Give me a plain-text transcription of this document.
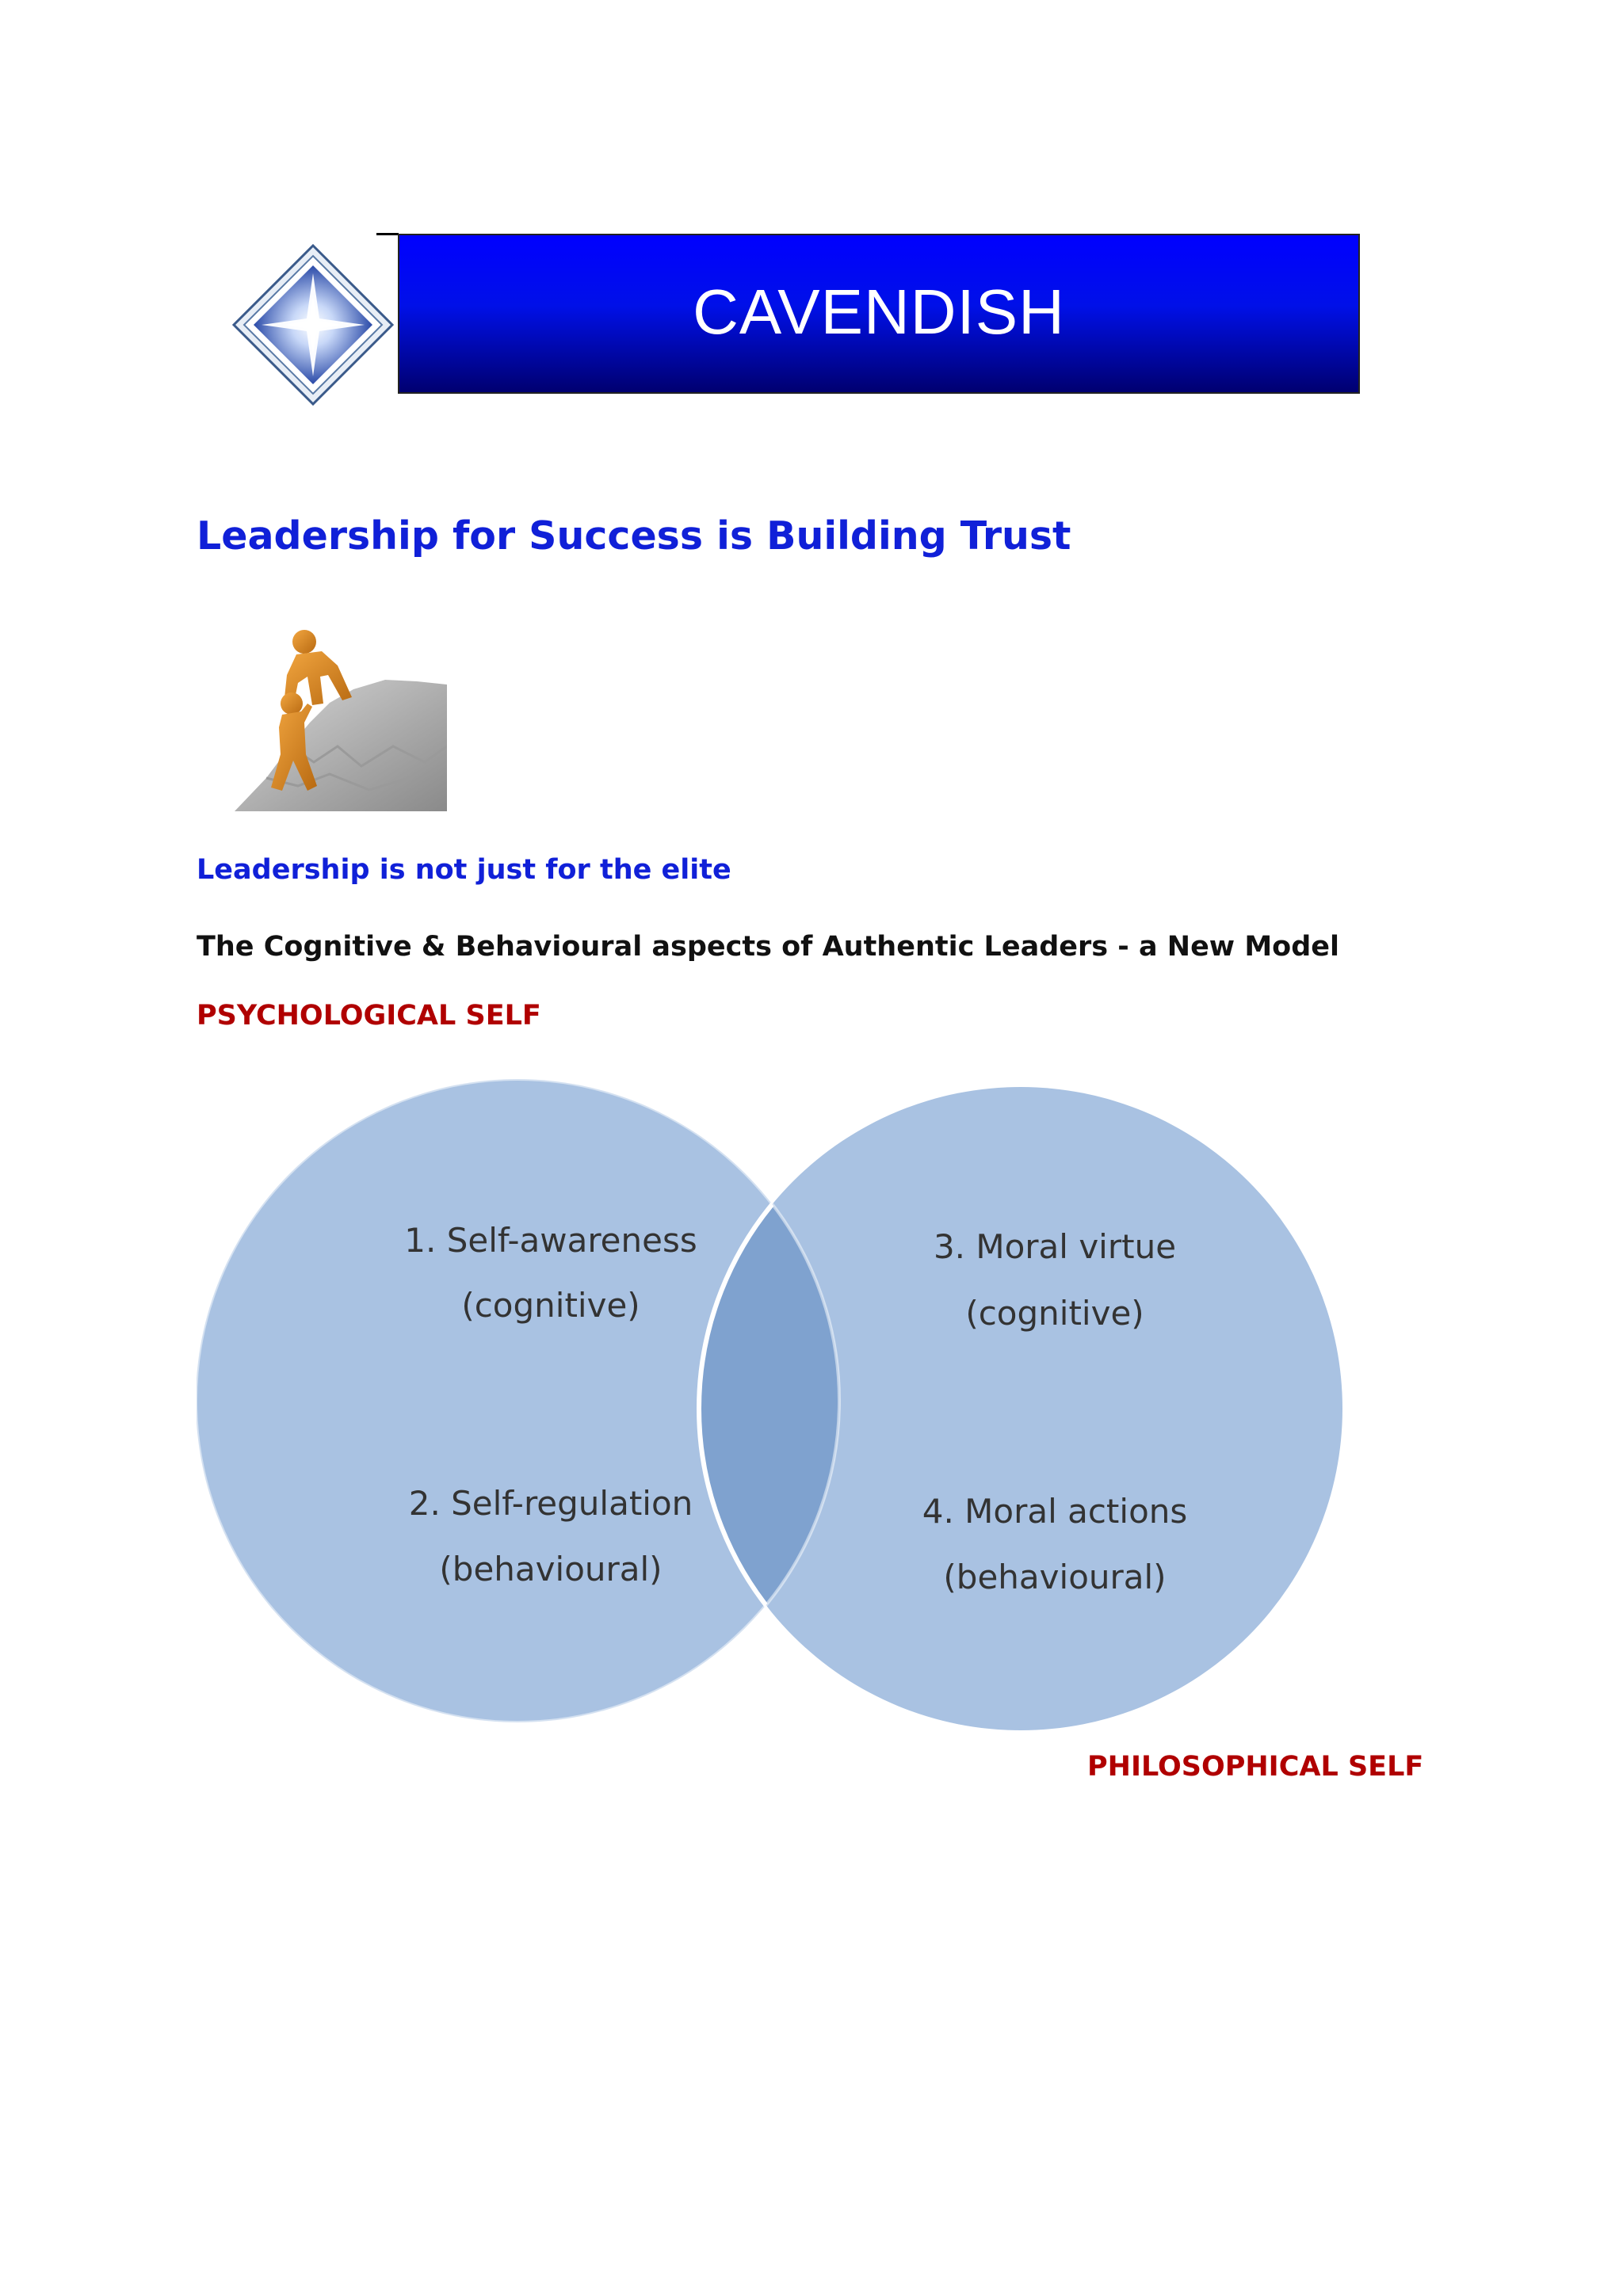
CAVENDISH
Leadership for Success is Building Trust
Leadership is not just for the elite
The Cognitive & Behavioural aspects of Authentic Leaders - a New Model

PSYCHOLOGICAL SELF

1. Self-awareness
(cognitive)
2. Self-regulation
(behavioural)
3. Moral virtue
(cognitive)
4. Moral actions
(behavioural)

PHILOSOPHICAL SELF
